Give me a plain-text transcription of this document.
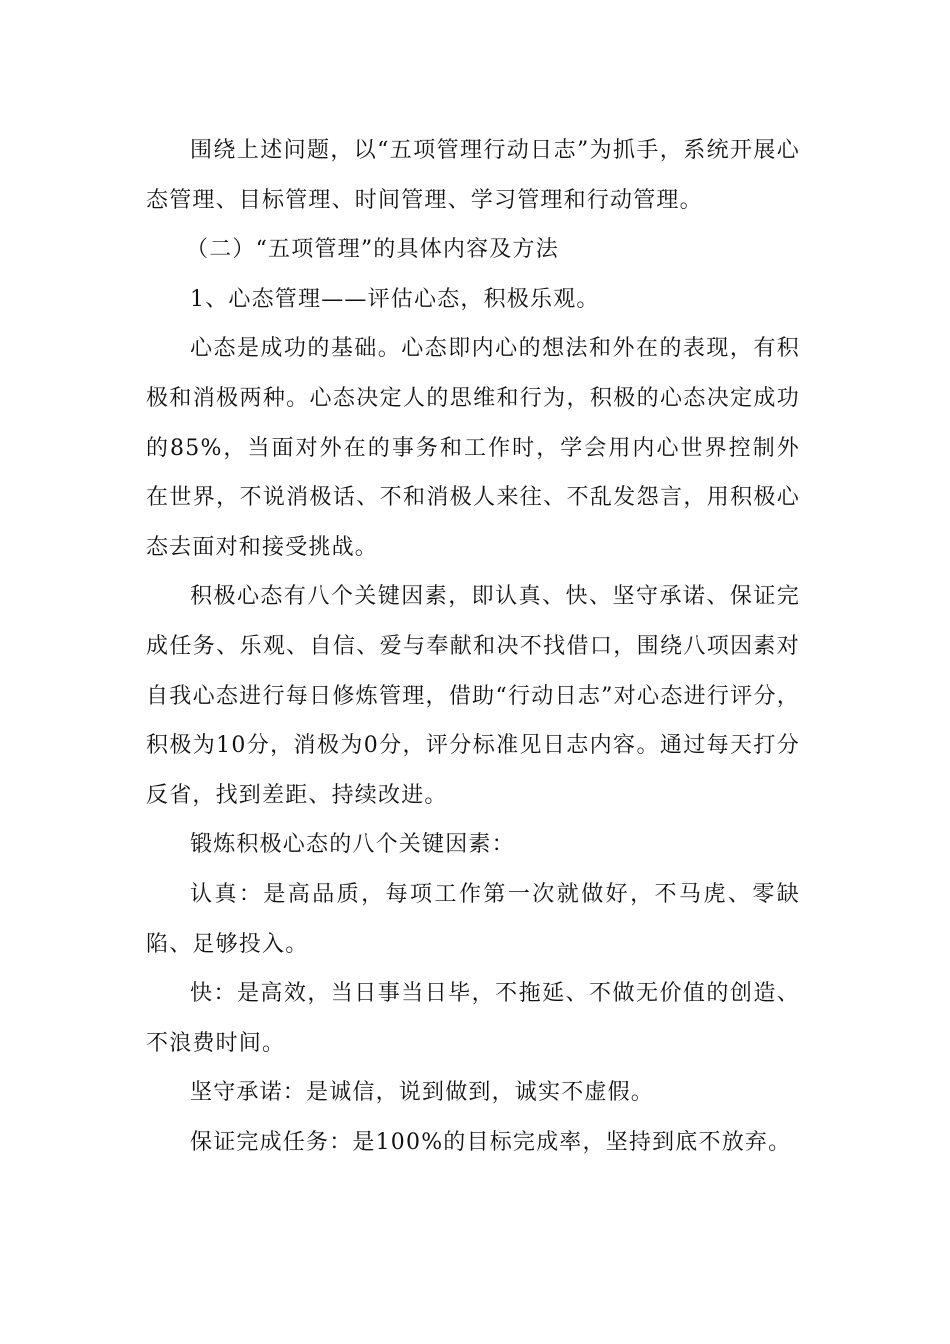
围绕上述问题，以“五项管理行动日志”为抓手，系统开展心态管理、目标管理、时间管理、学习管理和行动管理。

（二）“五项管理”的具体内容及方法

1、心态管理——评估心态，积极乐观。

心态是成功的基础。心态即内心的想法和外在的表现，有积极和消极两种。心态决定人的思维和行为，积极的心态决定成功的85%，当面对外在的事务和工作时，学会用内心世界控制外在世界，不说消极话、不和消极人来往、不乱发怨言，用积极心态去面对和接受挑战。

积极心态有八个关键因素，即认真、快、坚守承诺、保证完成任务、乐观、自信、爱与奉献和决不找借口，围绕八项因素对自我心态进行每日修炼管理，借助“行动日志”对心态进行评分，积极为10分，消极为0分，评分标准见日志内容。通过每天打分反省，找到差距、持续改进。

锻炼积极心态的八个关键因素：

认真：是高品质，每项工作第一次就做好，不马虎、零缺陷、足够投入。

快：是高效，当日事当日毕，不拖延、不做无价值的创造、不浪费时间。

坚守承诺：是诚信，说到做到，诚实不虚假。

保证完成任务：是100%的目标完成率，坚持到底不放弃。
